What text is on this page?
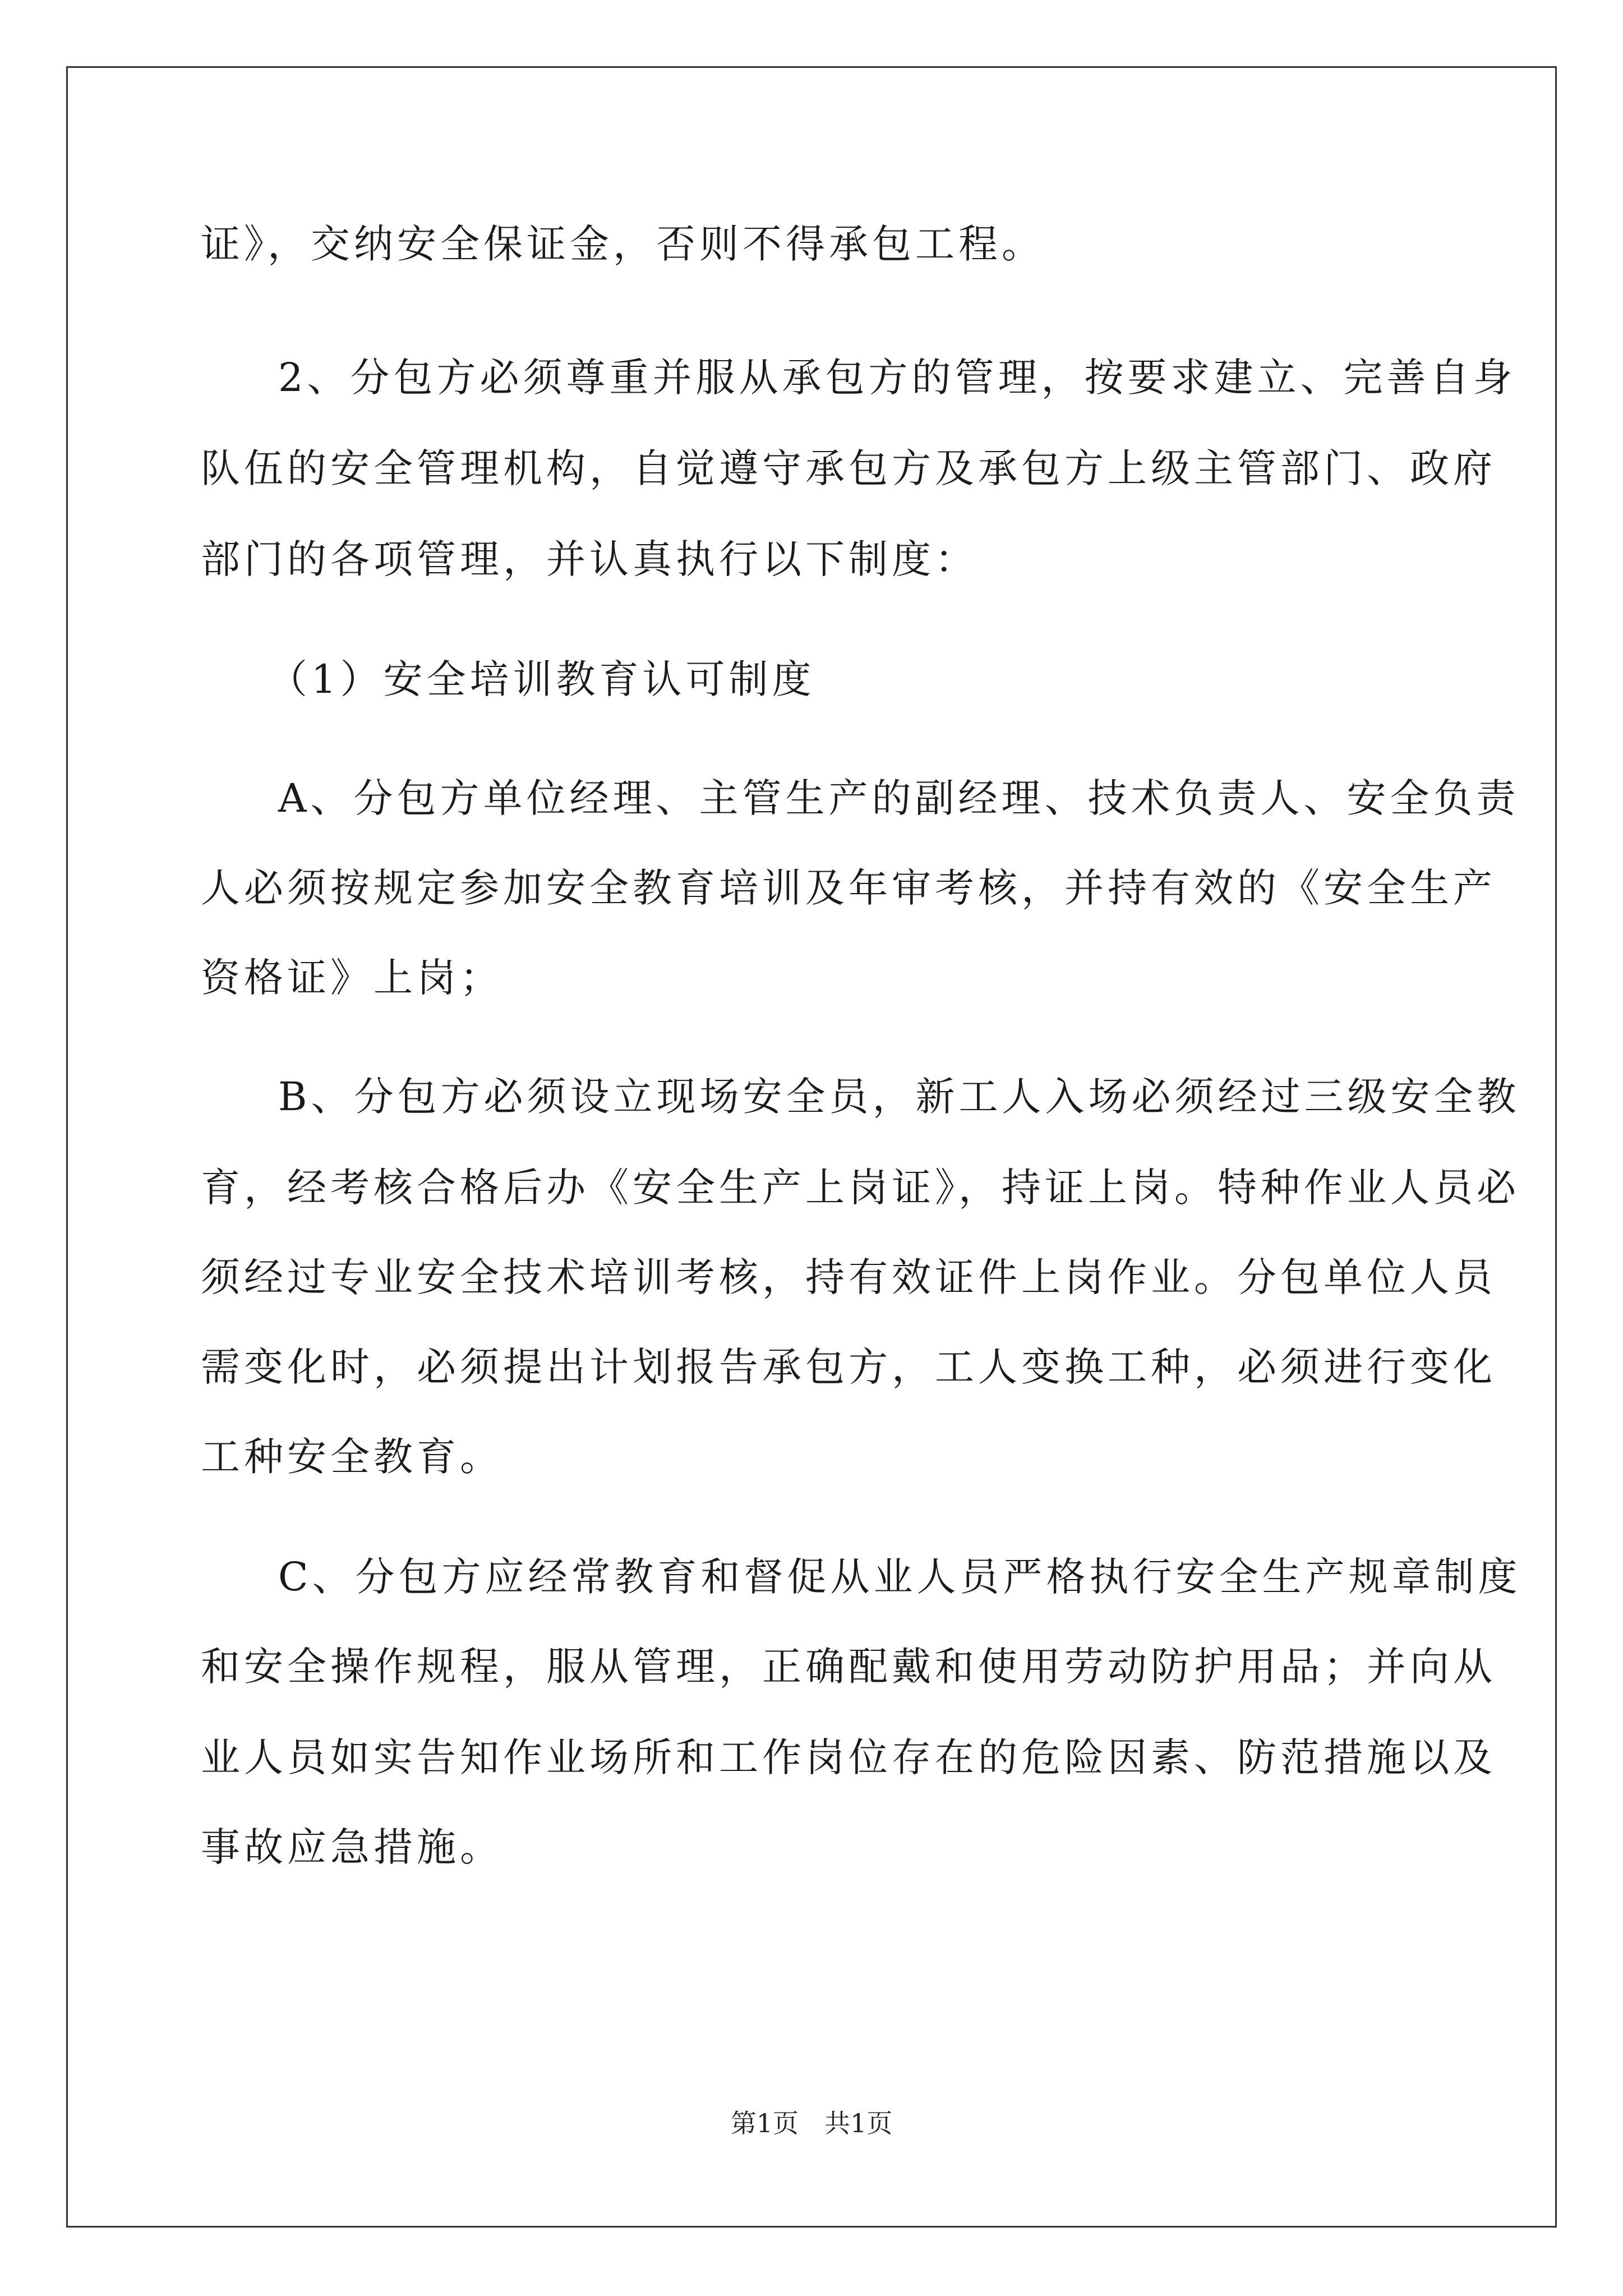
证》，交纳安全保证金，否则不得承包工程。
2、分包方必须尊重并服从承包方的管理，按要求建立、完善自身
队伍的安全管理机构，自觉遵守承包方及承包方上级主管部门、政府
部门的各项管理，并认真执行以下制度：
（1）安全培训教育认可制度
A、分包方单位经理、主管生产的副经理、技术负责人、安全负责
人必须按规定参加安全教育培训及年审考核，并持有效的《安全生产
资格证》上岗；
B、分包方必须设立现场安全员，新工人入场必须经过三级安全教
育，经考核合格后办《安全生产上岗证》，持证上岗。特种作业人员必
须经过专业安全技术培训考核，持有效证件上岗作业。分包单位人员
需变化时，必须提出计划报告承包方，工人变换工种，必须进行变化
工种安全教育。
C、分包方应经常教育和督促从业人员严格执行安全生产规章制度
和安全操作规程，服从管理，正确配戴和使用劳动防护用品；并向从
业人员如实告知作业场所和工作岗位存在的危险因素、防范措施以及
事故应急措施。
第1页　共1页
